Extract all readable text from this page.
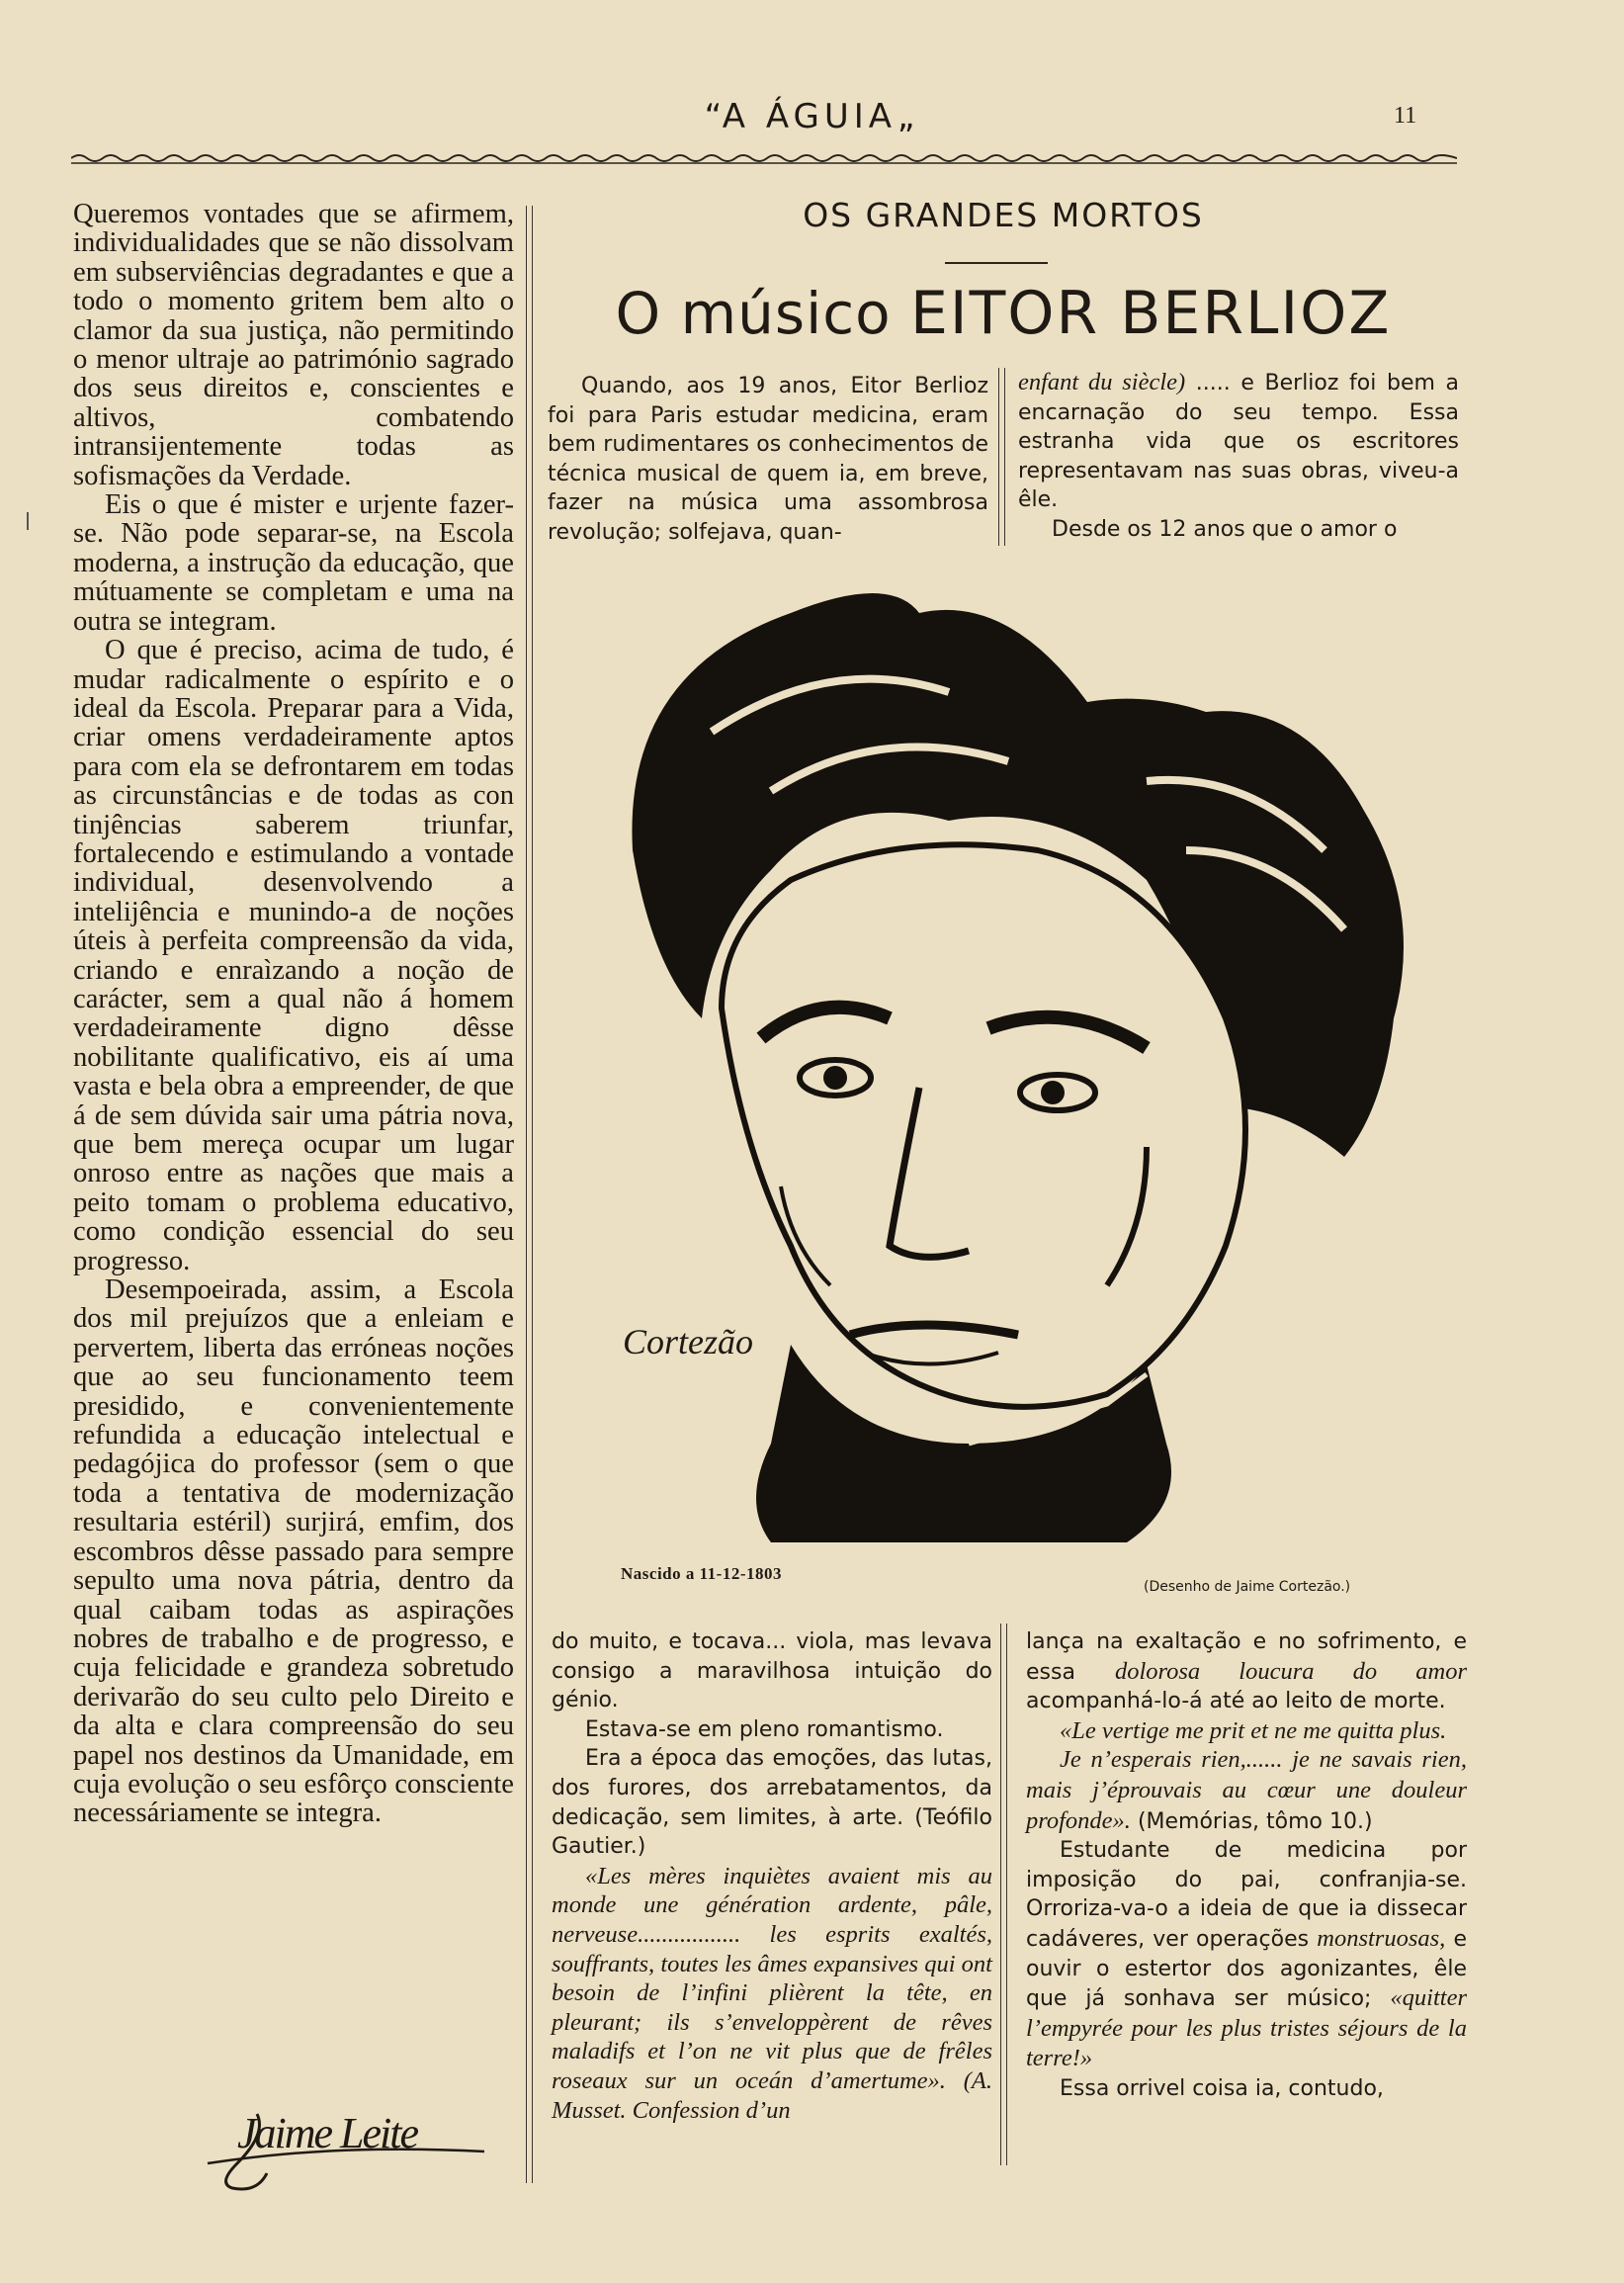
“A ÁGUIA„	11

Queremos vontades que se afirmem, individualidades que se não dissolvam em subserviências degradantes e que a todo o momento gritem bem alto o clamor da sua justiça, não permitindo o menor ultraje ao património sagrado dos seus direitos e, conscientes e altivos, combatendo intransijentemente todas as sofismações da Verdade.

Eis o que é mister e urjente fazer-se. Não pode separar-se, na Escola moderna, a instrução da educação, que mútuamente se completam e uma na outra se integram.

O que é preciso, acima de tudo, é mudar radicalmente o espírito e o ideal da Escola. Preparar para a Vida, criar omens verdadeiramente aptos para com ela se defrontarem em todas as circunstâncias e de todas as con tinjências saberem triunfar, fortalecendo e estimulando a vontade individual, desenvolvendo a intelijência e munindo-a de noções úteis à perfeita compreensão da vida, criando e enraìzando a noção de carácter, sem a qual não á homem verdadeiramente digno dêsse nobilitante qualificativo, eis aí uma vasta e bela obra a empreender, de que á de sem dúvida sair uma pátria nova, que bem mereça ocupar um lugar onroso entre as nações que mais a peito tomam o problema educativo, como condição essencial do seu progresso.

Desempoeirada, assim, a Escola dos mil prejuízos que a enleiam e pervertem, liberta das erróneas noções que ao seu funcionamento teem presidido, e convenientemente refundida a educação intelectual e pedagójica do professor (sem o que toda a tentativa de modernização resultaria estéril) surjirá, emfim, dos escombros dêsse passado para sempre sepulto uma nova pátria, dentro da qual caibam todas as aspirações nobres de trabalho e de progresso, e cuja felicidade e grandeza sobretudo derivarão do seu culto pelo Direito e da alta e clara compreensão do seu papel nos destinos da Umanidade, em cuja evolução o seu esfôrço consciente necessáriamente se integra.

Jaime Leite
OS GRANDES MORTOS
O músico EITOR BERLIOZ

Quando, aos 19 anos, Eitor Berlioz foi para Paris estudar medicina, eram bem rudimentares os conhecimentos de técnica musical de quem ia, em breve, fazer na música uma assombrosa revolução; solfejava, quan-

enfant du siècle) ..... e Berlioz foi bem a encarnação do seu tempo. Essa estranha vida que os escritores representavam nas suas obras, viveu-a êle.

Desde os 12 anos que o amor o

Cortezão
Nascido a 11-12-1803
(Desenho de Jaime Cortezão.)

do muito, e tocava... viola, mas levava consigo a maravilhosa intuição do génio.

Estava-se em pleno romantismo.

Era a época das emoções, das lutas, dos furores, dos arrebatamentos, da dedicação, sem limites, à arte. (Teófilo Gautier.)

«Les mères inquiètes avaient mis au monde une génération ardente, pâle, nerveuse................. les esprits exaltés, souffrants, toutes les âmes expansives qui ont besoin de l’infini plièrent la tête, en pleurant; ils s’enveloppèrent de rêves maladifs et l’on ne vit plus que de frêles roseaux sur un oceán d’amertume». (A. Musset. Confession d’un

lança na exaltação e no sofrimento, e essa dolorosa loucura do amor acompanhá-lo-á até ao leito de morte.

«Le vertige me prit et ne me quitta plus.

Je n’esperais rien,...... je ne savais rien, mais j’éprouvais au cœur une douleur profonde». (Memórias, tômo 10.)

Estudante de medicina por imposição do pai, confranjia-se. Orroriza-va-o a ideia de que ia dissecar cadáveres, ver operações monstruosas, e ouvir o estertor dos agonizantes, êle que já sonhava ser músico; «quitter l’empyrée pour les plus tristes séjours de la terre!»

Essa orrivel coisa ia, contudo,
